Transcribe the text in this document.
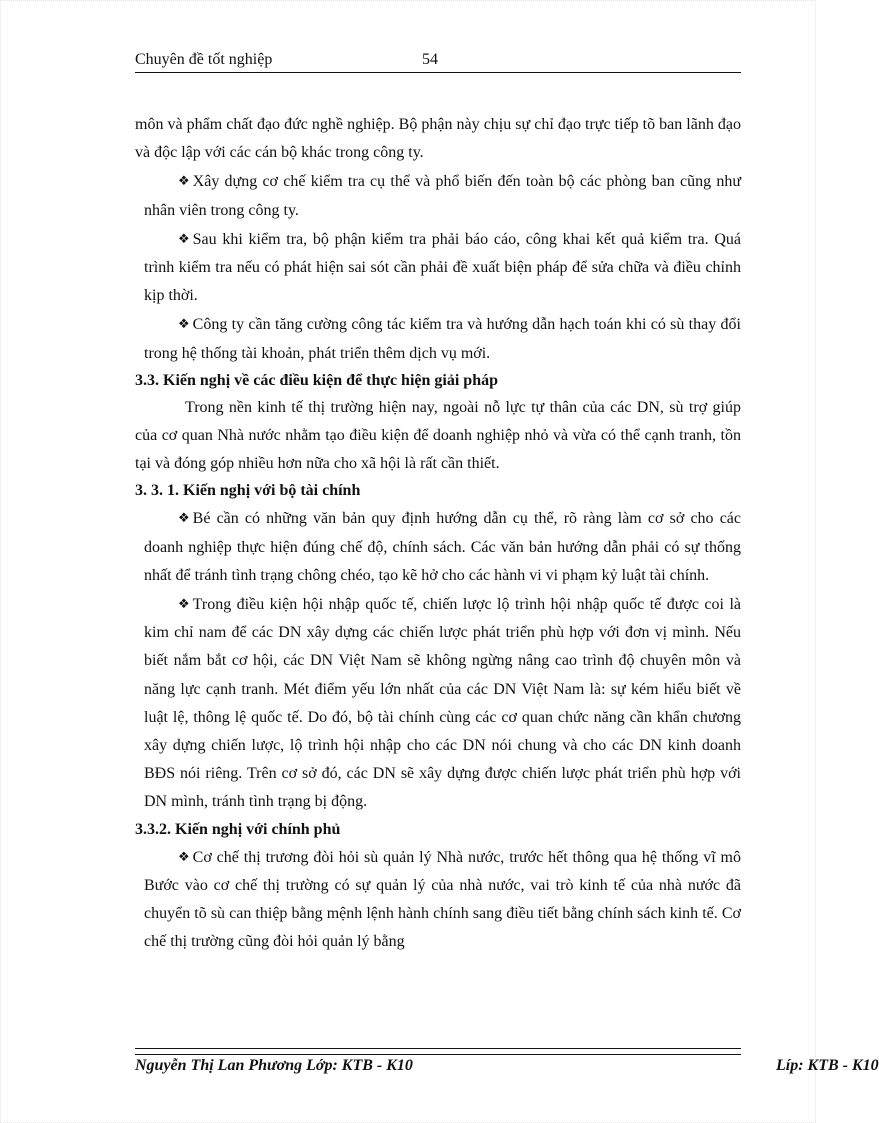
Chuyên đề tốt nghiệp	54

môn và phẩm chất đạo đức nghề nghiệp. Bộ phận này chịu sự chỉ đạo trực tiếp tõ ban lãnh đạo và độc lập với các cán bộ khác trong công ty.

❖ Xây dựng cơ chế kiểm tra cụ thể và phổ biến đến toàn bộ các phòng ban cũng như nhân viên trong công ty.

❖ Sau khi kiểm tra, bộ phận kiểm tra phải báo cáo, công khai kết quả kiểm tra. Quá trình kiểm tra nếu có phát hiện sai sót cần phải đề xuất biện pháp để sửa chữa và điều chỉnh kịp thời.

❖ Công ty cần tăng cường công tác kiểm tra và hướng dẫn hạch toán khi có sù thay đổi trong hệ thống tài khoản, phát triển thêm dịch vụ mới.

3.3. Kiến nghị về các điều kiện để thực hiện giải pháp

Trong nền kinh tế thị trường hiện nay, ngoài nỗ lực tự thân của các DN, sù trợ giúp của cơ quan Nhà nước nhằm tạo điều kiện để doanh nghiệp nhỏ và vừa có thể cạnh tranh, tồn tại và đóng góp nhiều hơn nữa cho xã hội là rất cần thiết.

3. 3. 1. Kiến nghị với bộ tài chính

❖ Bé cần có những văn bản quy định hướng dẫn cụ thể, rõ ràng làm cơ sở cho các doanh nghiệp thực hiện đúng chế độ, chính sách. Các văn bản hướng dẫn phải có sự thống nhất để tránh tình trạng chông chéo, tạo kẽ hở cho các hành vi vi phạm kỷ luật tài chính.

❖ Trong điều kiện hội nhập quốc tế, chiến lược lộ trình hội nhập quốc tế được coi là kim chỉ nam để các DN xây dựng các chiến lược phát triển phù hợp với đơn vị mình. Nếu biết nắm bắt cơ hội, các DN Việt Nam sẽ không ngừng nâng cao trình độ chuyên môn và năng lực cạnh tranh. Mét điểm yếu lớn nhất của các DN Việt Nam là: sự kém hiểu biết về luật lệ, thông lệ quốc tế. Do đó, bộ tài chính cùng các cơ quan chức năng cần khẩn chương xây dựng chiến lược, lộ trình hội nhập cho các DN nói chung và cho các DN kinh doanh BĐS nói riêng. Trên cơ sở đó, các DN sẽ xây dựng được chiến lược phát triển phù hợp với DN mình, tránh tình trạng bị động.

3.3.2. Kiến nghị với chính phủ

❖ Cơ chế thị trương đòi hỏi sù quản lý Nhà nước, trước hết thông qua hệ thống vĩ mô Bước vào cơ chế thị trường có sự quản lý của nhà nước, vai trò kinh tế của nhà nước đã chuyển tõ sù can thiệp bằng mệnh lệnh hành chính sang điều tiết bằng chính sách kinh tế. Cơ chế thị trường cũng đòi hỏi quản lý bằng

Nguyễn Thị Lan Phương Lớp: KTB - K10	Líp: KTB - K10
